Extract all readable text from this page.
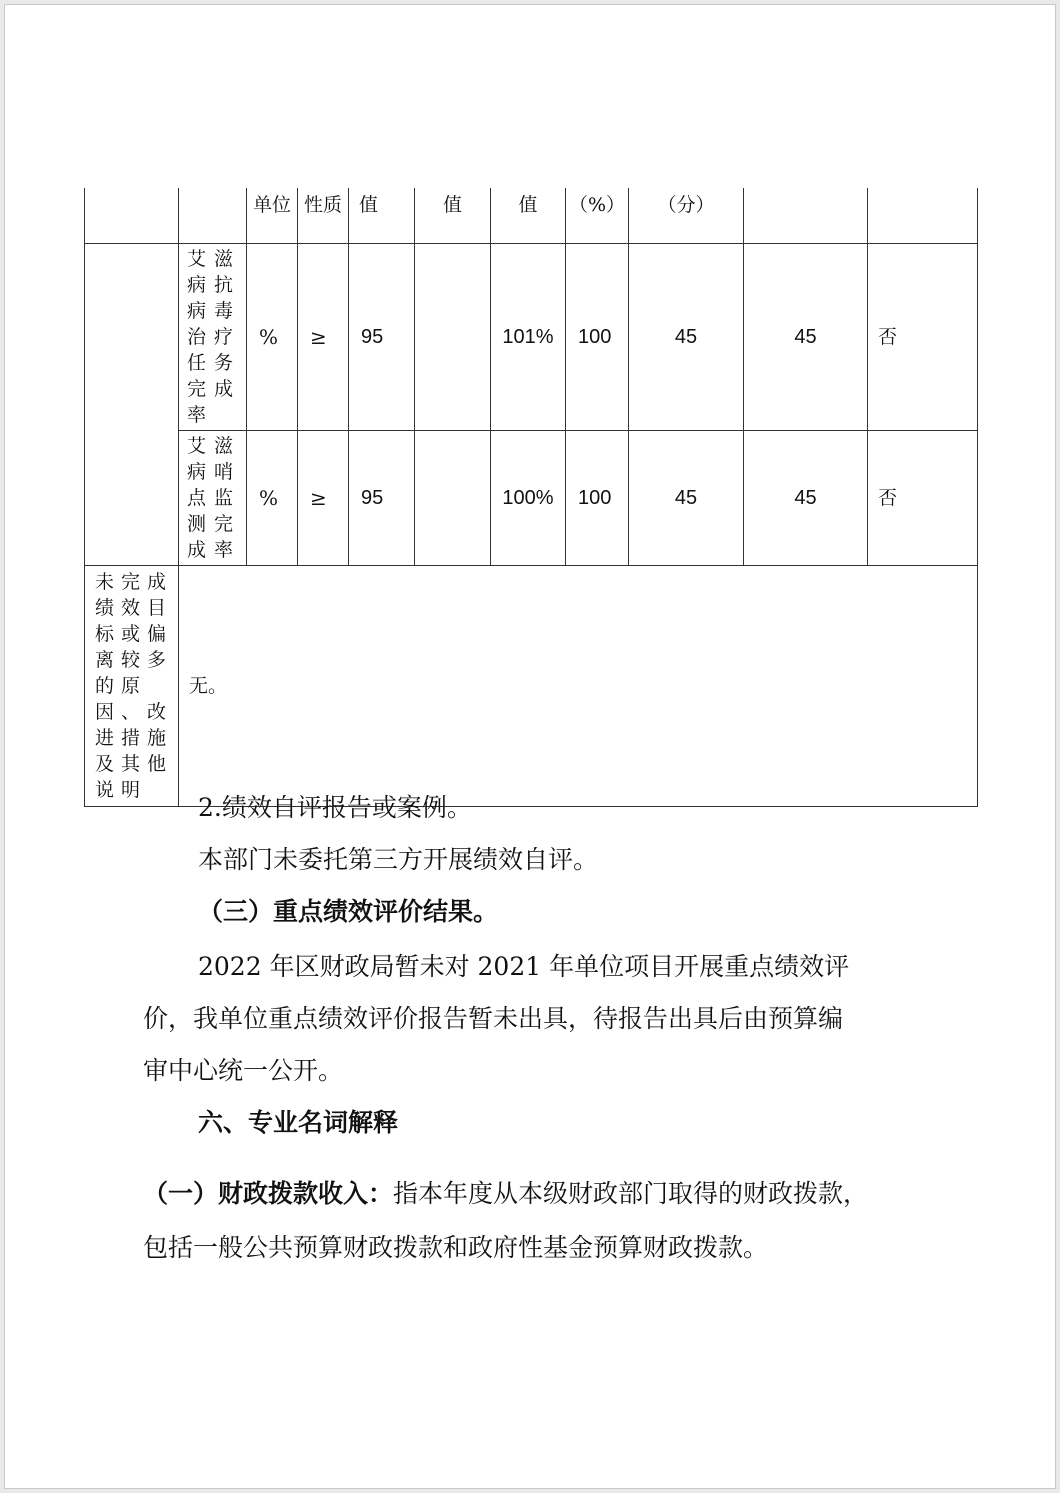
		单位	性质	值	值	值	（%）	（分）		
	艾滋病抗病毒治疗任务完成率	%	≥	95		101%	100	45	45	否
	艾滋病哨点监测完成率	%	≥	95		100%	100	45	45	否
未完成绩效目标或偏离较多的原因、改进措施及其他说明	无。									

2.绩效自评报告或案例。

本部门未委托第三方开展绩效自评。

（三）重点绩效评价结果。

2022 年区财政局暂未对 2021 年单位项目开展重点绩效评

价，我单位重点绩效评价报告暂未出具，待报告出具后由预算编

审中心统一公开。

六、专业名词解释

（一）财政拨款收入：指本年度从本级财政部门取得的财政拨款，

包括一般公共预算财政拨款和政府性基金预算财政拨款。
